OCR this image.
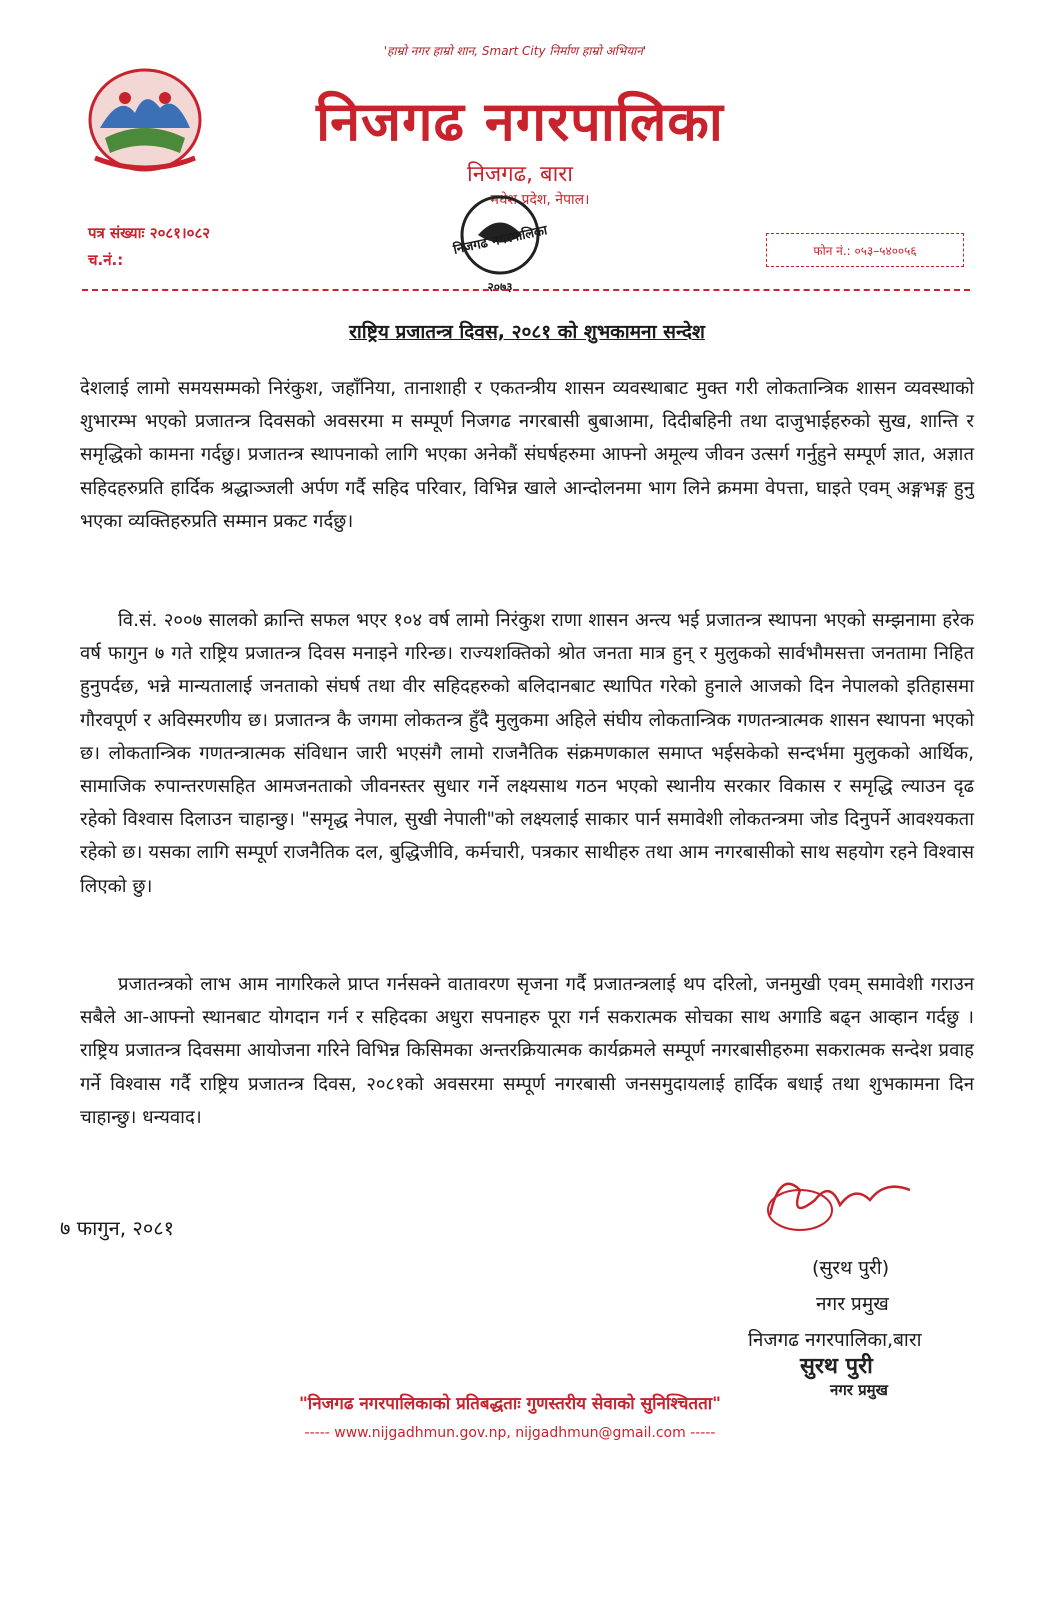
'हाम्रो नगर हाम्रो शान, Smart City निर्माण हाम्रो अभियान'
निजगढ नगरपालिका
निजगढ, बारा
मधेश प्रदेश, नेपाल।
निजगढ नगरपालिका
२०७३
पत्र संख्याः २०८१।०८२
च.नं.:
फोन नं.: ०५३–५४००५६
राष्ट्रिय प्रजातन्त्र दिवस, २०८१ को शुभकामना सन्देश
देशलाई लामो समयसम्मको निरंकुश, जहाँनिया, तानाशाही र एकतन्त्रीय शासन व्यवस्थाबाट मुक्त गरी लोकतान्त्रिक शासन व्यवस्थाको शुभारम्भ भएको प्रजातन्त्र दिवसको अवसरमा म सम्पूर्ण निजगढ नगरबासी बुबाआमा, दिदीबहिनी तथा दाजुभाईहरुको सुख, शान्ति र समृद्धिको कामना गर्दछु। प्रजातन्त्र स्थापनाको लागि भएका अनेकौं संघर्षहरुमा आफ्नो अमूल्य जीवन उत्सर्ग गर्नुहुने सम्पूर्ण ज्ञात, अज्ञात सहिदहरुप्रति हार्दिक श्रद्धाञ्जली अर्पण गर्दै सहिद परिवार, विभिन्न खाले आन्दोलनमा भाग लिने क्रममा वेपत्ता, घाइते एवम् अङ्गभङ्ग हुनु भएका व्यक्तिहरुप्रति सम्मान प्रकट गर्दछु।
वि.सं. २००७ सालको क्रान्ति सफल भएर १०४ वर्ष लामो निरंकुश राणा शासन अन्त्य भई प्रजातन्त्र स्थापना भएको सम्झनामा हरेक वर्ष फागुन ७ गते राष्ट्रिय प्रजातन्त्र दिवस मनाइने गरिन्छ। राज्यशक्तिको श्रोत जनता मात्र हुन् र मुलुकको सार्वभौमसत्ता जनतामा निहित हुनुपर्दछ, भन्ने मान्यतालाई जनताको संघर्ष तथा वीर सहिदहरुको बलिदानबाट स्थापित गरेको हुनाले आजको दिन नेपालको इतिहासमा गौरवपूर्ण र अविस्मरणीय छ। प्रजातन्त्र कै जगमा लोकतन्त्र हुँदै मुलुकमा अहिले संघीय लोकतान्त्रिक गणतन्त्रात्मक शासन स्थापना भएको छ। लोकतान्त्रिक गणतन्त्रात्मक संविधान जारी भएसंगै लामो राजनैतिक संक्रमणकाल समाप्त भईसकेको सन्दर्भमा मुलुकको आर्थिक, सामाजिक रुपान्तरणसहित आमजनताको जीवनस्तर सुधार गर्ने लक्ष्यसाथ गठन भएको स्थानीय सरकार विकास र समृद्धि ल्याउन दृढ रहेको विश्वास दिलाउन चाहान्छु। "समृद्ध नेपाल, सुखी नेपाली"को लक्ष्यलाई साकार पार्न समावेशी लोकतन्त्रमा जोड दिनुपर्ने आवश्यकता रहेको छ। यसका लागि सम्पूर्ण राजनैतिक दल, बुद्धिजीवि, कर्मचारी, पत्रकार साथीहरु तथा आम नगरबासीको साथ सहयोग रहने विश्वास लिएको छु।
प्रजातन्त्रको लाभ आम नागरिकले प्राप्त गर्नसक्ने वातावरण सृजना गर्दै प्रजातन्त्रलाई थप दरिलो, जनमुखी एवम् समावेशी गराउन सबैले आ-आफ्नो स्थानबाट योगदान गर्न र सहिदका अधुरा सपनाहरु पूरा गर्न सकरात्मक सोचका साथ अगाडि बढ्न आव्हान गर्दछु । राष्ट्रिय प्रजातन्त्र दिवसमा आयोजना गरिने विभिन्न किसिमका अन्तरक्रियात्मक कार्यक्रमले सम्पूर्ण नगरबासीहरुमा सकरात्मक सन्देश प्रवाह गर्ने विश्वास गर्दै राष्ट्रिय प्रजातन्त्र दिवस, २०८१को अवसरमा सम्पूर्ण नगरबासी जनसमुदायलाई हार्दिक बधाई तथा शुभकामना दिन चाहान्छु। धन्यवाद।
७ फागुन, २०८१
(सुरथ पुरी)
नगर प्रमुख
निजगढ नगरपालिका,बारा
सुरथ पुरी
नगर प्रमुख
"निजगढ नगरपालिकाको प्रतिबद्धताः गुणस्तरीय सेवाको सुनिश्चितता"
----- www.nijgadhmun.gov.np, nijgadhmun@gmail.com -----
